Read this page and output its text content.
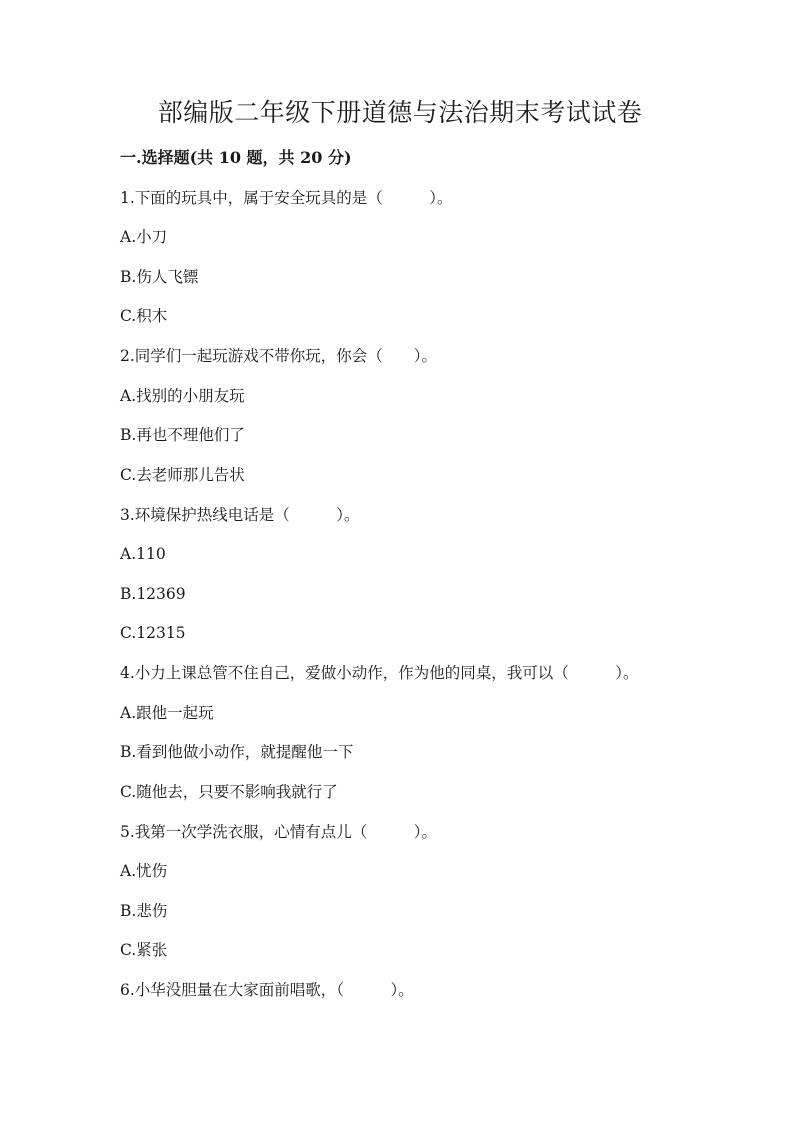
部编版二年级下册道德与法治期末考试试卷
一.选择题(共 10 题，共 20 分)
1.下面的玩具中，属于安全玩具的是（　　　）。
A.小刀
B.伤人飞镖
C.积木
2.同学们一起玩游戏不带你玩，你会（　　）。
A.找别的小朋友玩
B.再也不理他们了
C.去老师那儿告状
3.环境保护热线电话是（　　　）。
A.110
B.12369
C.12315
4.小力上课总管不住自己，爱做小动作，作为他的同桌，我可以（　　　）。
A.跟他一起玩
B.看到他做小动作，就提醒他一下
C.随他去，只要不影响我就行了
5.我第一次学洗衣服，心情有点儿（　　　）。
A.忧伤
B.悲伤
C.紧张
6.小华没胆量在大家面前唱歌，（　　　）。
